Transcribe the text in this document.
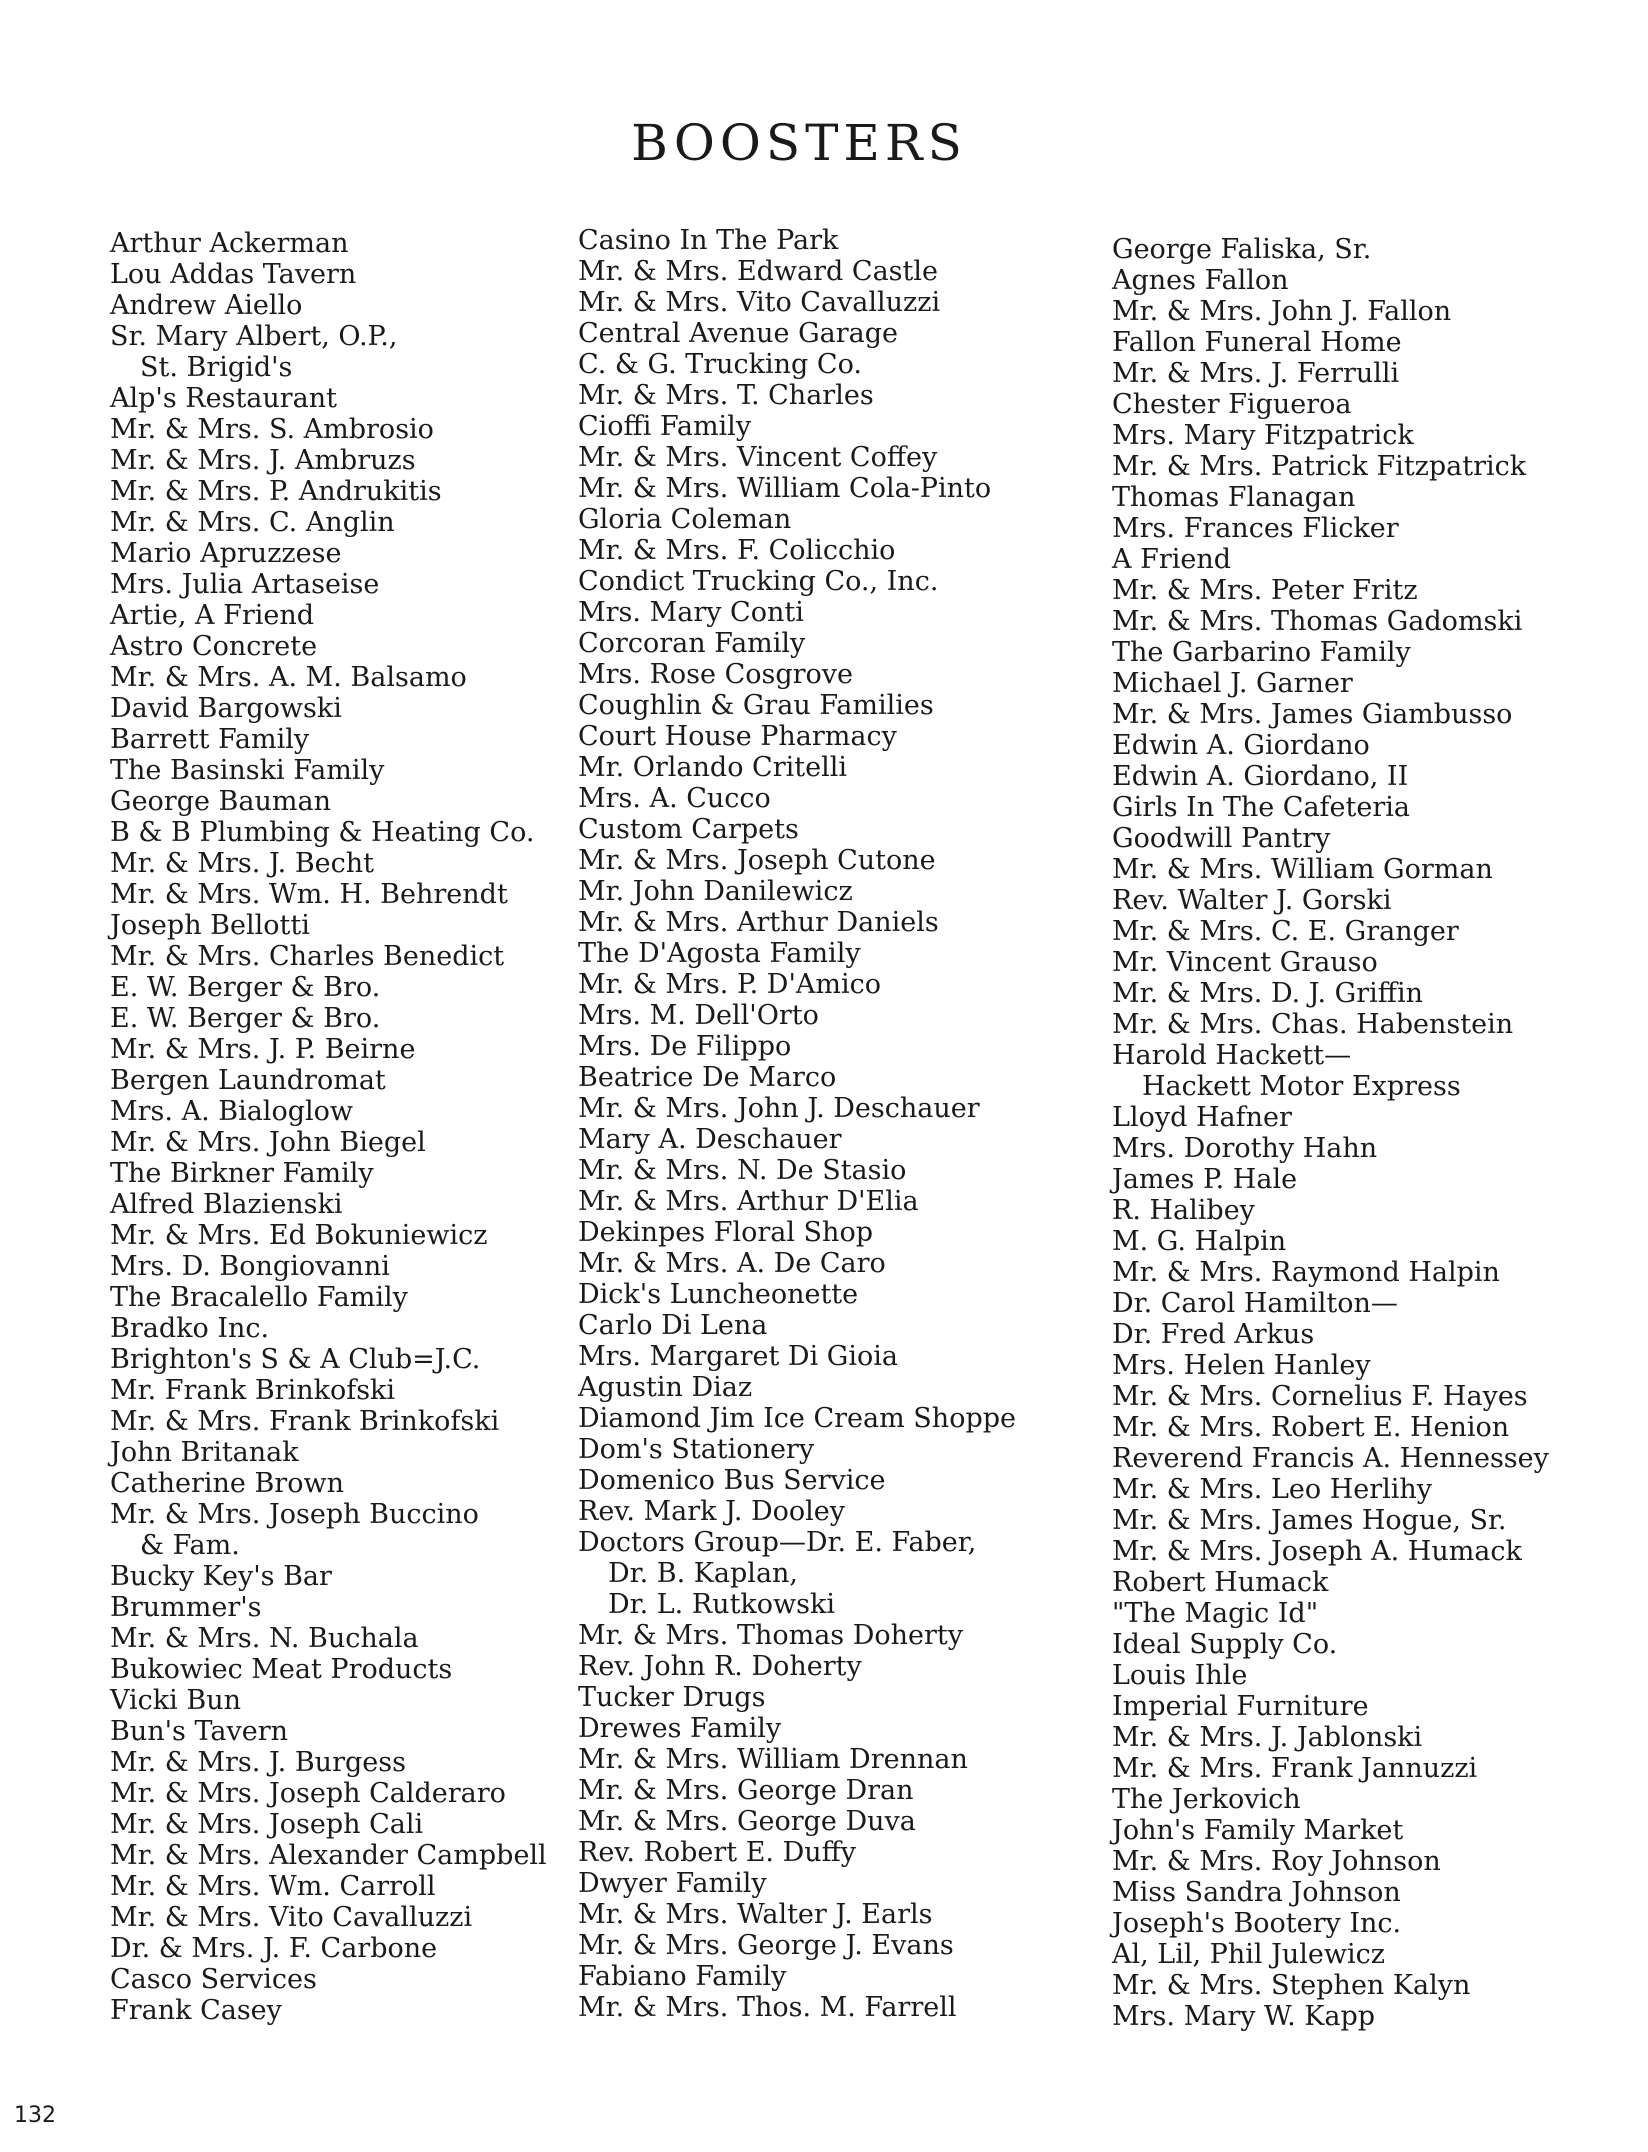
BOOSTERS
Arthur Ackerman
Lou Addas Tavern
Andrew Aiello
Sr. Mary Albert, O.P.,
St. Brigid's
Alp's Restaurant
Mr. & Mrs. S. Ambrosio
Mr. & Mrs. J. Ambruzs
Mr. & Mrs. P. Andrukitis
Mr. & Mrs. C. Anglin
Mario Apruzzese
Mrs. Julia Artaseise
Artie, A Friend
Astro Concrete
Mr. & Mrs. A. M. Balsamo
David Bargowski
Barrett Family
The Basinski Family
George Bauman
B & B Plumbing & Heating Co.
Mr. & Mrs. J. Becht
Mr. & Mrs. Wm. H. Behrendt
Joseph Bellotti
Mr. & Mrs. Charles Benedict
E. W. Berger & Bro.
E. W. Berger & Bro.
Mr. & Mrs. J. P. Beirne
Bergen Laundromat
Mrs. A. Bialoglow
Mr. & Mrs. John Biegel
The Birkner Family
Alfred Blazienski
Mr. & Mrs. Ed Bokuniewicz
Mrs. D. Bongiovanni
The Bracalello Family
Bradko Inc.
Brighton's S & A Club=J.C.
Mr. Frank Brinkofski
Mr. & Mrs. Frank Brinkofski
John Britanak
Catherine Brown
Mr. & Mrs. Joseph Buccino
& Fam.
Bucky Key's Bar
Brummer's
Mr. & Mrs. N. Buchala
Bukowiec Meat Products
Vicki Bun
Bun's Tavern
Mr. & Mrs. J. Burgess
Mr. & Mrs. Joseph Calderaro
Mr. & Mrs. Joseph Cali
Mr. & Mrs. Alexander Campbell
Mr. & Mrs. Wm. Carroll
Mr. & Mrs. Vito Cavalluzzi
Dr. & Mrs. J. F. Carbone
Casco Services
Frank Casey
Casino In The Park
Mr. & Mrs. Edward Castle
Mr. & Mrs. Vito Cavalluzzi
Central Avenue Garage
C. & G. Trucking Co.
Mr. & Mrs. T. Charles
Cioffi Family
Mr. & Mrs. Vincent Coffey
Mr. & Mrs. William Cola-Pinto
Gloria Coleman
Mr. & Mrs. F. Colicchio
Condict Trucking Co., Inc.
Mrs. Mary Conti
Corcoran Family
Mrs. Rose Cosgrove
Coughlin & Grau Families
Court House Pharmacy
Mr. Orlando Critelli
Mrs. A. Cucco
Custom Carpets
Mr. & Mrs. Joseph Cutone
Mr. John Danilewicz
Mr. & Mrs. Arthur Daniels
The D'Agosta Family
Mr. & Mrs. P. D'Amico
Mrs. M. Dell'Orto
Mrs. De Filippo
Beatrice De Marco
Mr. & Mrs. John J. Deschauer
Mary A. Deschauer
Mr. & Mrs. N. De Stasio
Mr. & Mrs. Arthur D'Elia
Dekinpes Floral Shop
Mr. & Mrs. A. De Caro
Dick's Luncheonette
Carlo Di Lena
Mrs. Margaret Di Gioia
Agustin Diaz
Diamond Jim Ice Cream Shoppe
Dom's Stationery
Domenico Bus Service
Rev. Mark J. Dooley
Doctors Group—Dr. E. Faber,
Dr. B. Kaplan,
Dr. L. Rutkowski
Mr. & Mrs. Thomas Doherty
Rev. John R. Doherty
Tucker Drugs
Drewes Family
Mr. & Mrs. William Drennan
Mr. & Mrs. George Dran
Mr. & Mrs. George Duva
Rev. Robert E. Duffy
Dwyer Family
Mr. & Mrs. Walter J. Earls
Mr. & Mrs. George J. Evans
Fabiano Family
Mr. & Mrs. Thos. M. Farrell
George Faliska, Sr.
Agnes Fallon
Mr. & Mrs. John J. Fallon
Fallon Funeral Home
Mr. & Mrs. J. Ferrulli
Chester Figueroa
Mrs. Mary Fitzpatrick
Mr. & Mrs. Patrick Fitzpatrick
Thomas Flanagan
Mrs. Frances Flicker
A Friend
Mr. & Mrs. Peter Fritz
Mr. & Mrs. Thomas Gadomski
The Garbarino Family
Michael J. Garner
Mr. & Mrs. James Giambusso
Edwin A. Giordano
Edwin A. Giordano, II
Girls In The Cafeteria
Goodwill Pantry
Mr. & Mrs. William Gorman
Rev. Walter J. Gorski
Mr. & Mrs. C. E. Granger
Mr. Vincent Grauso
Mr. & Mrs. D. J. Griffin
Mr. & Mrs. Chas. Habenstein
Harold Hackett—
Hackett Motor Express
Lloyd Hafner
Mrs. Dorothy Hahn
James P. Hale
R. Halibey
M. G. Halpin
Mr. & Mrs. Raymond Halpin
Dr. Carol Hamilton—
Dr. Fred Arkus
Mrs. Helen Hanley
Mr. & Mrs. Cornelius F. Hayes
Mr. & Mrs. Robert E. Henion
Reverend Francis A. Hennessey
Mr. & Mrs. Leo Herlihy
Mr. & Mrs. James Hogue, Sr.
Mr. & Mrs. Joseph A. Humack
Robert Humack
"The Magic Id"
Ideal Supply Co.
Louis Ihle
Imperial Furniture
Mr. & Mrs. J. Jablonski
Mr. & Mrs. Frank Jannuzzi
The Jerkovich
John's Family Market
Mr. & Mrs. Roy Johnson
Miss Sandra Johnson
Joseph's Bootery Inc.
Al, Lil, Phil Julewicz
Mr. & Mrs. Stephen Kalyn
Mrs. Mary W. Kapp

132
